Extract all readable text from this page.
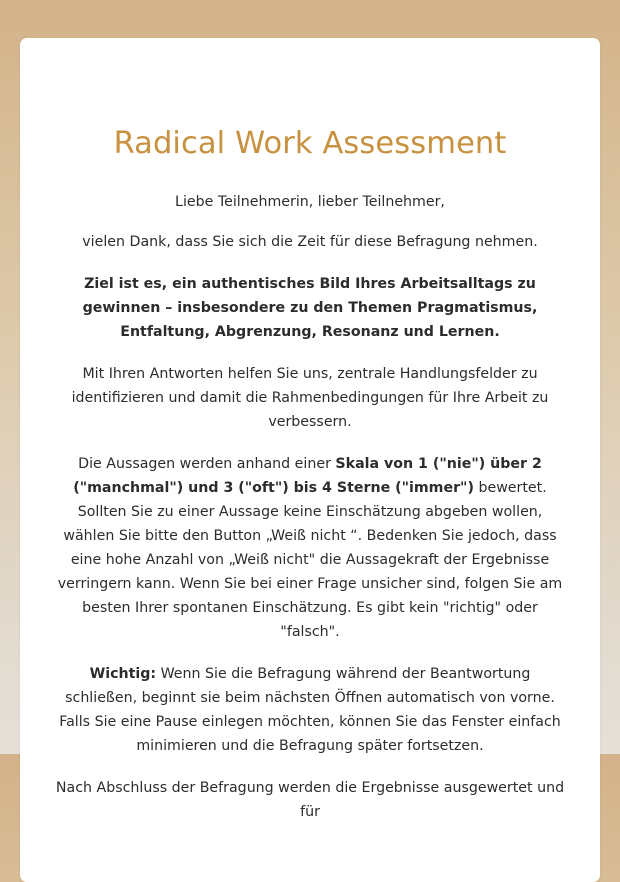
Radical Work Assessment

Liebe Teilnehmerin, lieber Teilnehmer,

vielen Dank, dass Sie sich die Zeit für diese Befragung nehmen.

Ziel ist es, ein authentisches Bild Ihres Arbeitsalltags zu gewinnen – insbesondere zu den Themen Pragmatismus, Entfaltung, Abgrenzung, Resonanz und Lernen.

Mit Ihren Antworten helfen Sie uns, zentrale Handlungsfelder zu identifizieren und damit die Rahmenbedingungen für Ihre Arbeit zu verbessern.

Die Aussagen werden anhand einer Skala von 1 ("nie") über 2 ("manchmal") und 3 ("oft") bis 4 Sterne ("immer") bewertet. Sollten Sie zu einer Aussage keine Einschätzung abgeben wollen, wählen Sie bitte den Button „Weiß nicht “. Bedenken Sie jedoch, dass eine hohe Anzahl von „Weiß nicht" die Aussagekraft der Ergebnisse verringern kann. Wenn Sie bei einer Frage unsicher sind, folgen Sie am besten Ihrer spontanen Einschätzung. Es gibt kein "richtig" oder "falsch".

Wichtig: Wenn Sie die Befragung während der Beantwortung schließen, beginnt sie beim nächsten Öffnen automatisch von vorne. Falls Sie eine Pause einlegen möchten, können Sie das Fenster einfach minimieren und die Befragung später fortsetzen.

Nach Abschluss der Befragung werden die Ergebnisse ausgewertet und für
